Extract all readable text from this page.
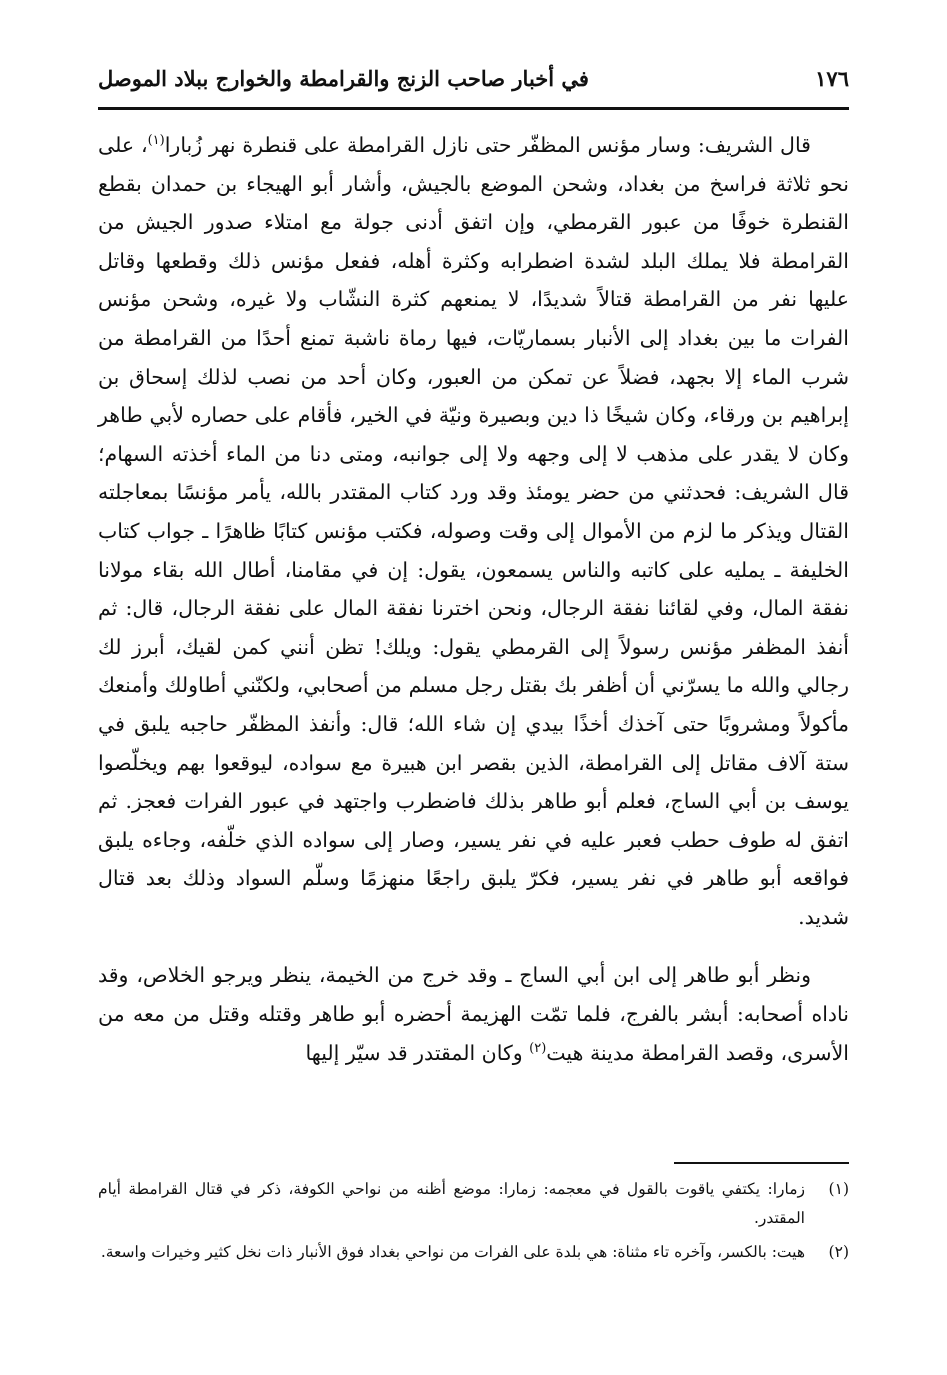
١٧٦
في أخبار صاحب الزنج والقرامطة والخوارج ببلاد الموصل

قال الشريف: وسار مؤنس المظفّر حتى نازل القرامطة على قنطرة نهر زُبارا$^{(١)}$، على نحو ثلاثة فراسخ من بغداد، وشحن الموضع بالجيش، وأشار أبو الهيجاء بن حمدان بقطع القنطرة خوفًا من عبور القرمطي، وإن اتفق أدنى جولة مع امتلاء صدور الجيش من القرامطة فلا يملك البلد لشدة اضطرابه وكثرة أهله، ففعل مؤنس ذلك وقطعها وقاتل عليها نفر من القرامطة قتالاً شديدًا، لا يمنعهم كثرة النشّاب ولا غيره، وشحن مؤنس الفرات ما بين بغداد إلى الأنبار بسماريّات، فيها رماة ناشبة تمنع أحدًا من القرامطة من شرب الماء إلا بجهد، فضلاً عن تمكن من العبور، وكان أحد من نصب لذلك إسحاق بن إبراهيم بن ورقاء، وكان شيخًا ذا دين وبصيرة ونيّة في الخير، فأقام على حصاره لأبي طاهر وكان لا يقدر على مذهب لا إلى وجهه ولا إلى جوانبه، ومتى دنا من الماء أخذته السهام؛ قال الشريف: فحدثني من حضر يومئذ وقد ورد كتاب المقتدر بالله، يأمر مؤنسًا بمعاجلته القتال ويذكر ما لزم من الأموال إلى وقت وصوله، فكتب مؤنس كتابًا ظاهرًا ـ جواب كتاب الخليفة ـ يمليه على كاتبه والناس يسمعون، يقول: إن في مقامنا، أطال الله بقاء مولانا نفقة المال، وفي لقائنا نفقة الرجال، ونحن اخترنا نفقة المال على نفقة الرجال، قال: ثم أنفذ المظفر مؤنس رسولاً إلى القرمطي يقول: ويلك! تظن أنني كمن لقيك، أبرز لك رجالي والله ما يسرّني أن أظفر بك بقتل رجل مسلم من أصحابي، ولكنّني أطاولك وأمنعك مأكولاً ومشروبًا حتى آخذك أخذًا بيدي إن شاء الله؛ قال: وأنفذ المظفّر حاجبه يلبق في ستة آلاف مقاتل إلى القرامطة، الذين بقصر ابن هبيرة مع سواده، ليوقعوا بهم ويخلّصوا يوسف بن أبي الساج، فعلم أبو طاهر بذلك فاضطرب واجتهد في عبور الفرات فعجز. ثم اتفق له طوف حطب فعبر عليه في نفر يسير، وصار إلى سواده الذي خلّفه، وجاءه يلبق فواقعه أبو طاهر في نفر يسير، فكرّ يلبق راجعًا منهزمًا وسلّم السواد وذلك بعد قتال شديد.

ونظر أبو طاهر إلى ابن أبي الساج ـ وقد خرج من الخيمة، ينظر ويرجو الخلاص، وقد ناداه أصحابه: أبشر بالفرج، فلما تمّت الهزيمة أحضره أبو طاهر وقتله وقتل من معه من الأسرى، وقصد القرامطة مدينة هيت$^{(٢)}$ وكان المقتدر قد سيّر إليها

(١)
زمارا: يكتفي ياقوت بالقول في معجمه: زمارا: موضع أظنه من نواحي الكوفة، ذكر في قتال القرامطة أيام المقتدر.
(٢)
هيت: بالكسر، وآخره تاء مثناة: هي بلدة على الفرات من نواحي بغداد فوق الأنبار ذات نخل كثير وخيرات واسعة.
